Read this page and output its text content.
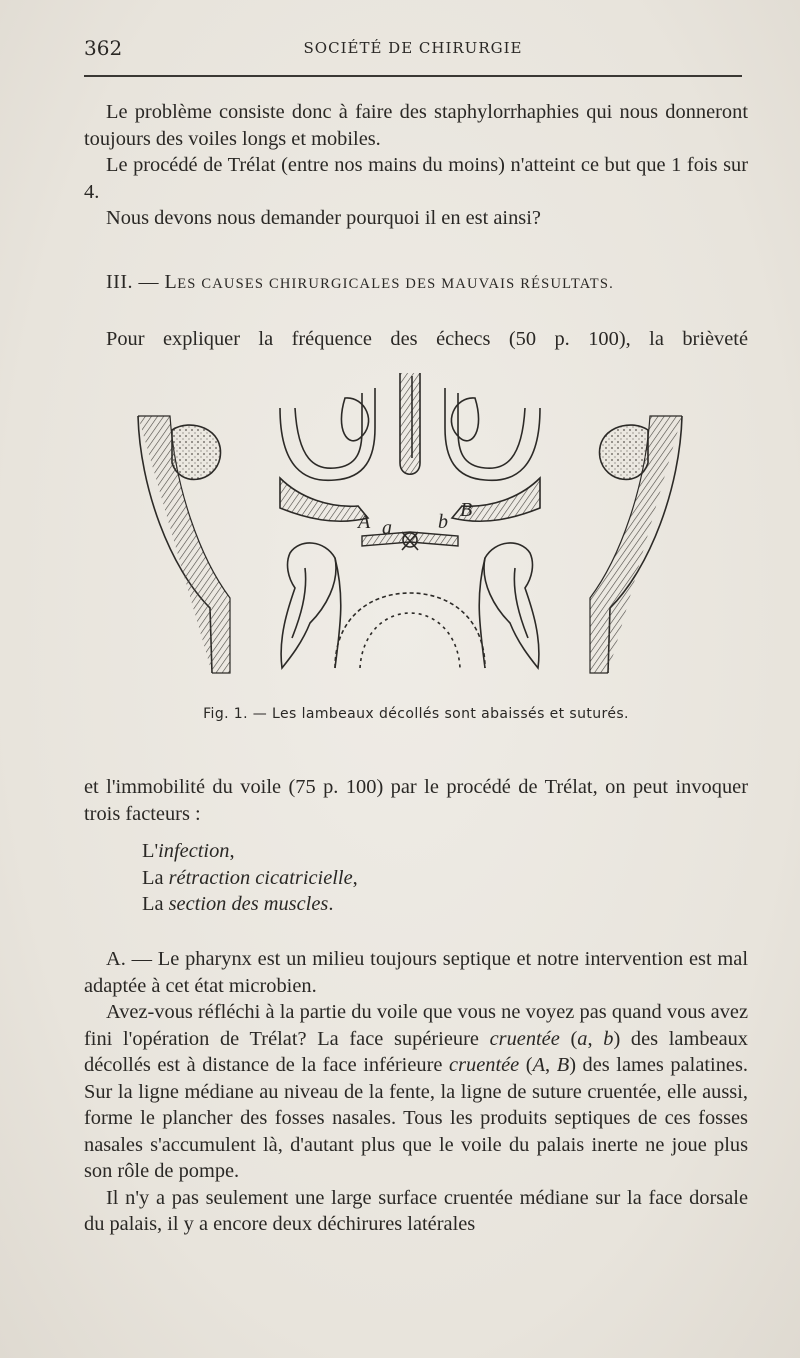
362	SOCIÉTÉ DE CHIRURGIE

Le problème consiste donc à faire des staphylorrhaphies qui nous donneront toujours des voiles longs et mobiles.

Le procédé de Trélat (entre nos mains du moins) n'atteint ce but que 1 fois sur 4.

Nous devons nous demander pourquoi il en est ainsi?

III. — LES CAUSES CHIRURGICALES DES MAUVAIS RÉSULTATS.

Pour expliquer la fréquence des échecs (50 p. 100), la brièveté

A a b
B
Fig. 1. — Les lambeaux décollés sont abaissés et suturés.

et l'immobilité du voile (75 p. 100) par le procédé de Trélat, on peut invoquer trois facteurs :

L'infection,
La rétraction cicatricielle,
La section des muscles.

A. — Le pharynx est un milieu toujours septique et notre intervention est mal adaptée à cet état microbien.

Avez-vous réfléchi à la partie du voile que vous ne voyez pas quand vous avez fini l'opération de Trélat? La face supérieure cruentée (a, b) des lambeaux décollés est à distance de la face inférieure cruentée (A, B) des lames palatines. Sur la ligne médiane au niveau de la fente, la ligne de suture cruentée, elle aussi, forme le plancher des fosses nasales. Tous les produits septiques de ces fosses nasales s'accumulent là, d'autant plus que le voile du palais inerte ne joue plus son rôle de pompe.

Il n'y a pas seulement une large surface cruentée médiane sur la face dorsale du palais, il y a encore deux déchirures latérales
